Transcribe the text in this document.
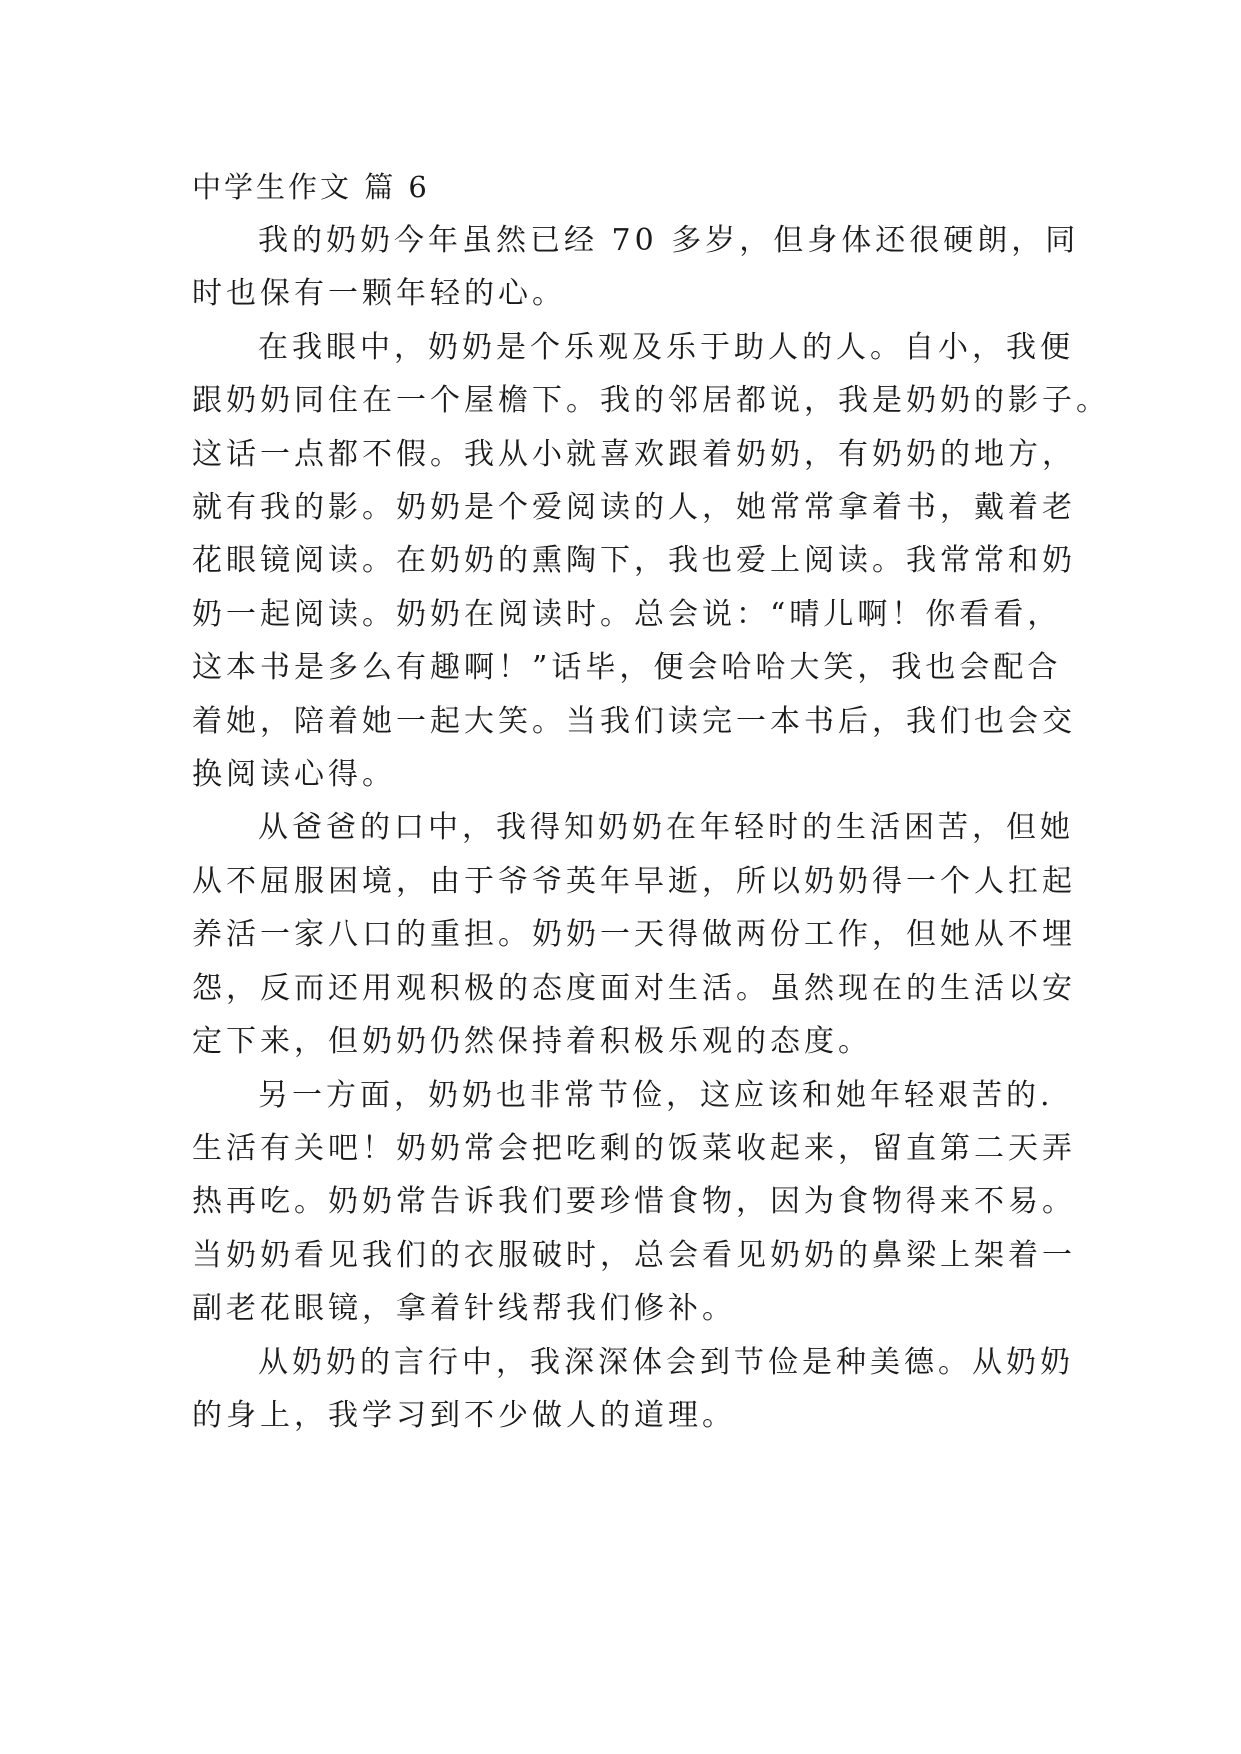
中学生作文 篇 6

我的奶奶今年虽然已经 70 多岁，但身体还很硬朗，同
时也保有一颗年轻的心。

在我眼中，奶奶是个乐观及乐于助人的人。自小，我便
跟奶奶同住在一个屋檐下。我的邻居都说，我是奶奶的影子。
这话一点都不假。我从小就喜欢跟着奶奶，有奶奶的地方，
就有我的影。奶奶是个爱阅读的人，她常常拿着书，戴着老
花眼镜阅读。在奶奶的熏陶下，我也爱上阅读。我常常和奶
奶一起阅读。奶奶在阅读时。总会说：“晴儿啊！你看看，
这本书是多么有趣啊！”话毕，便会哈哈大笑，我也会配合
着她，陪着她一起大笑。当我们读完一本书后，我们也会交
换阅读心得。

从爸爸的口中，我得知奶奶在年轻时的生活困苦，但她
从不屈服困境，由于爷爷英年早逝，所以奶奶得一个人扛起
养活一家八口的重担。奶奶一天得做两份工作，但她从不埋
怨，反而还用观积极的态度面对生活。虽然现在的生活以安
定下来，但奶奶仍然保持着积极乐观的态度。

另一方面，奶奶也非常节俭，这应该和她年轻艰苦的.
生活有关吧！奶奶常会把吃剩的饭菜收起来，留直第二天弄
热再吃。奶奶常告诉我们要珍惜食物，因为食物得来不易。
当奶奶看见我们的衣服破时，总会看见奶奶的鼻梁上架着一
副老花眼镜，拿着针线帮我们修补。

从奶奶的言行中，我深深体会到节俭是种美德。从奶奶
的身上，我学习到不少做人的道理。
